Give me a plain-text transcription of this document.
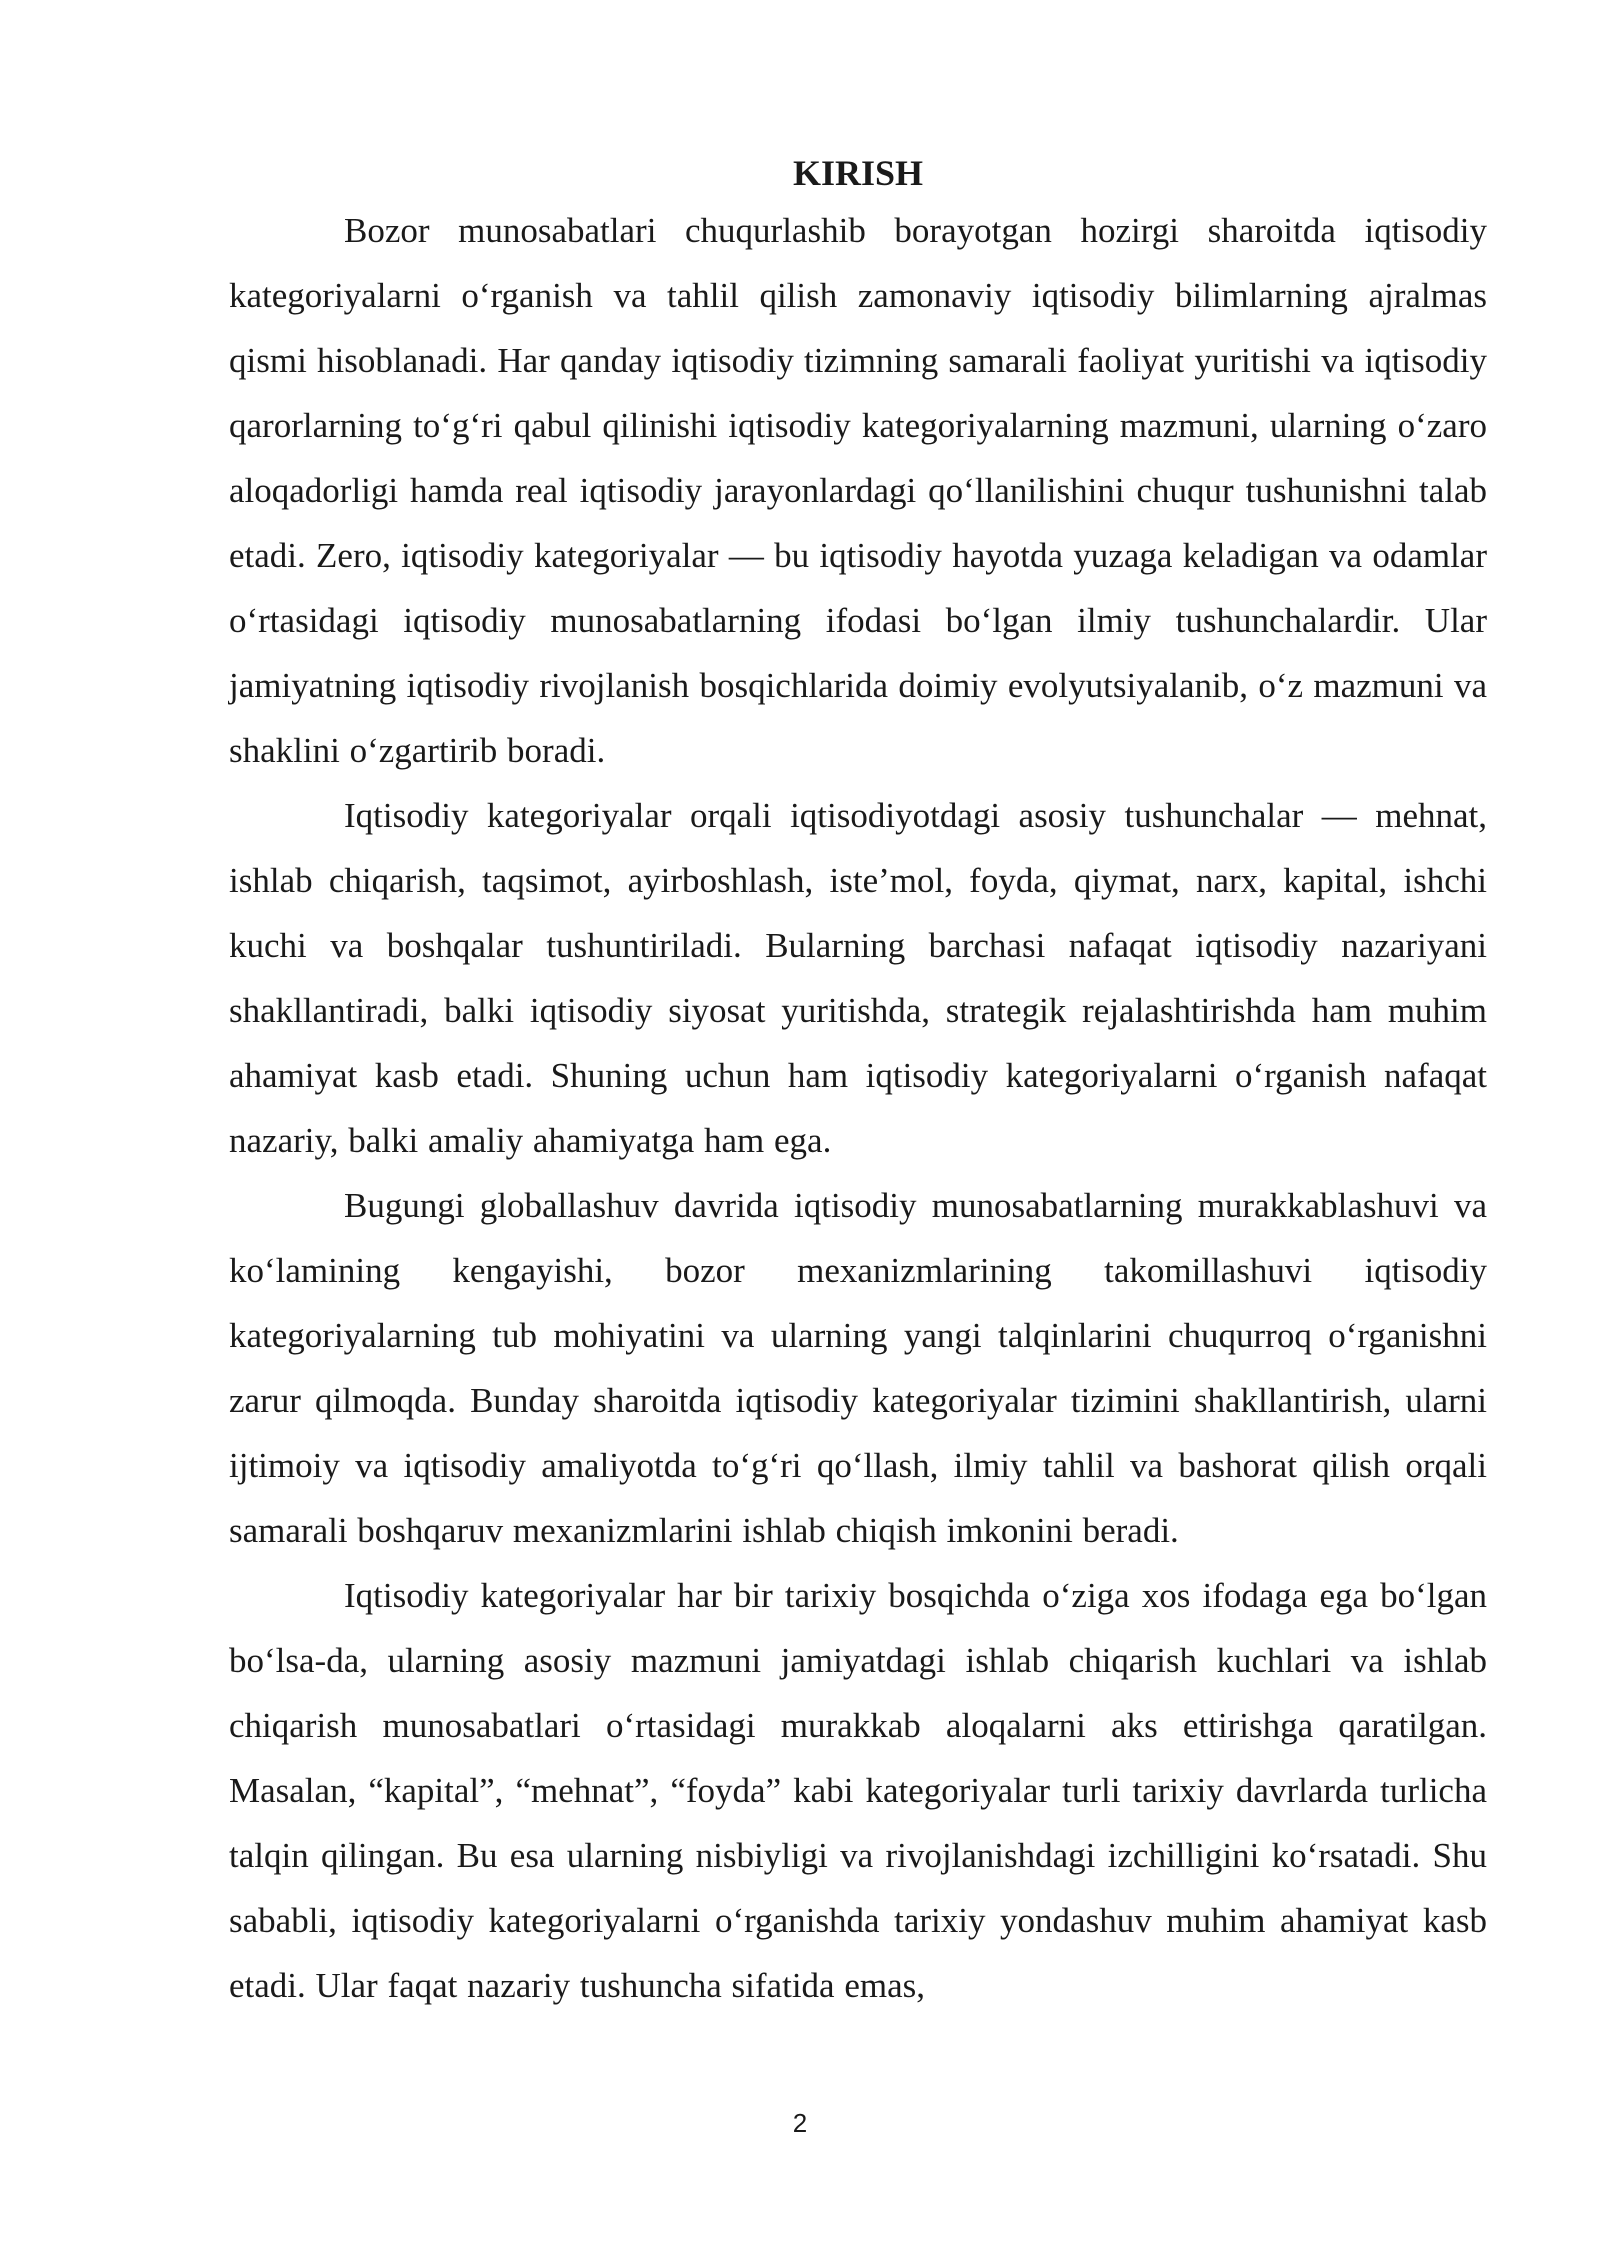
KIRISH

Bozor munosabatlari chuqurlashib borayotgan hozirgi sharoitda iqtisodiy kategoriyalarni o‘rganish va tahlil qilish zamonaviy iqtisodiy bilimlarning ajralmas qismi hisoblanadi. Har qanday iqtisodiy tizimning samarali faoliyat yuritishi va iqtisodiy qarorlarning to‘g‘ri qabul qilinishi iqtisodiy kategoriyalarning mazmuni, ularning o‘zaro aloqadorligi hamda real iqtisodiy jarayonlardagi qo‘llanilishini chuqur tushunishni talab etadi. Zero, iqtisodiy kategoriyalar — bu iqtisodiy hayotda yuzaga keladigan va odamlar o‘rtasidagi iqtisodiy munosabatlarning ifodasi bo‘lgan ilmiy tushunchalardir. Ular jamiyatning iqtisodiy rivojlanish bosqichlarida doimiy evolyutsiyalanib, o‘z mazmuni va shaklini o‘zgartirib boradi.

Iqtisodiy kategoriyalar orqali iqtisodiyotdagi asosiy tushunchalar — mehnat, ishlab chiqarish, taqsimot, ayirboshlash, iste’mol, foyda, qiymat, narx, kapital, ishchi kuchi va boshqalar tushuntiriladi. Bularning barchasi nafaqat iqtisodiy nazariyani shakllantiradi, balki iqtisodiy siyosat yuritishda, strategik rejalashtirishda ham muhim ahamiyat kasb etadi. Shuning uchun ham iqtisodiy kategoriyalarni o‘rganish nafaqat nazariy, balki amaliy ahamiyatga ham ega.

Bugungi globallashuv davrida iqtisodiy munosabatlarning murakkablashuvi va ko‘lamining kengayishi, bozor mexanizmlarining takomillashuvi iqtisodiy kategoriyalarning tub mohiyatini va ularning yangi talqinlarini chuqurroq o‘rganishni zarur qilmoqda. Bunday sharoitda iqtisodiy kategoriyalar tizimini shakllantirish, ularni ijtimoiy va iqtisodiy amaliyotda to‘g‘ri qo‘llash, ilmiy tahlil va bashorat qilish orqali samarali boshqaruv mexanizmlarini ishlab chiqish imkonini beradi.

Iqtisodiy kategoriyalar har bir tarixiy bosqichda o‘ziga xos ifodaga ega bo‘lgan bo‘lsa-da, ularning asosiy mazmuni jamiyatdagi ishlab chiqarish kuchlari va ishlab chiqarish munosabatlari o‘rtasidagi murakkab aloqalarni aks ettirishga qaratilgan. Masalan, “kapital”, “mehnat”, “foyda” kabi kategoriyalar turli tarixiy davrlarda turlicha talqin qilingan. Bu esa ularning nisbiyligi va rivojlanishdagi izchilligini ko‘rsatadi. Shu sababli, iqtisodiy kategoriyalarni o‘rganishda tarixiy yondashuv muhim ahamiyat kasb etadi. Ular faqat nazariy tushuncha sifatida emas,

2
